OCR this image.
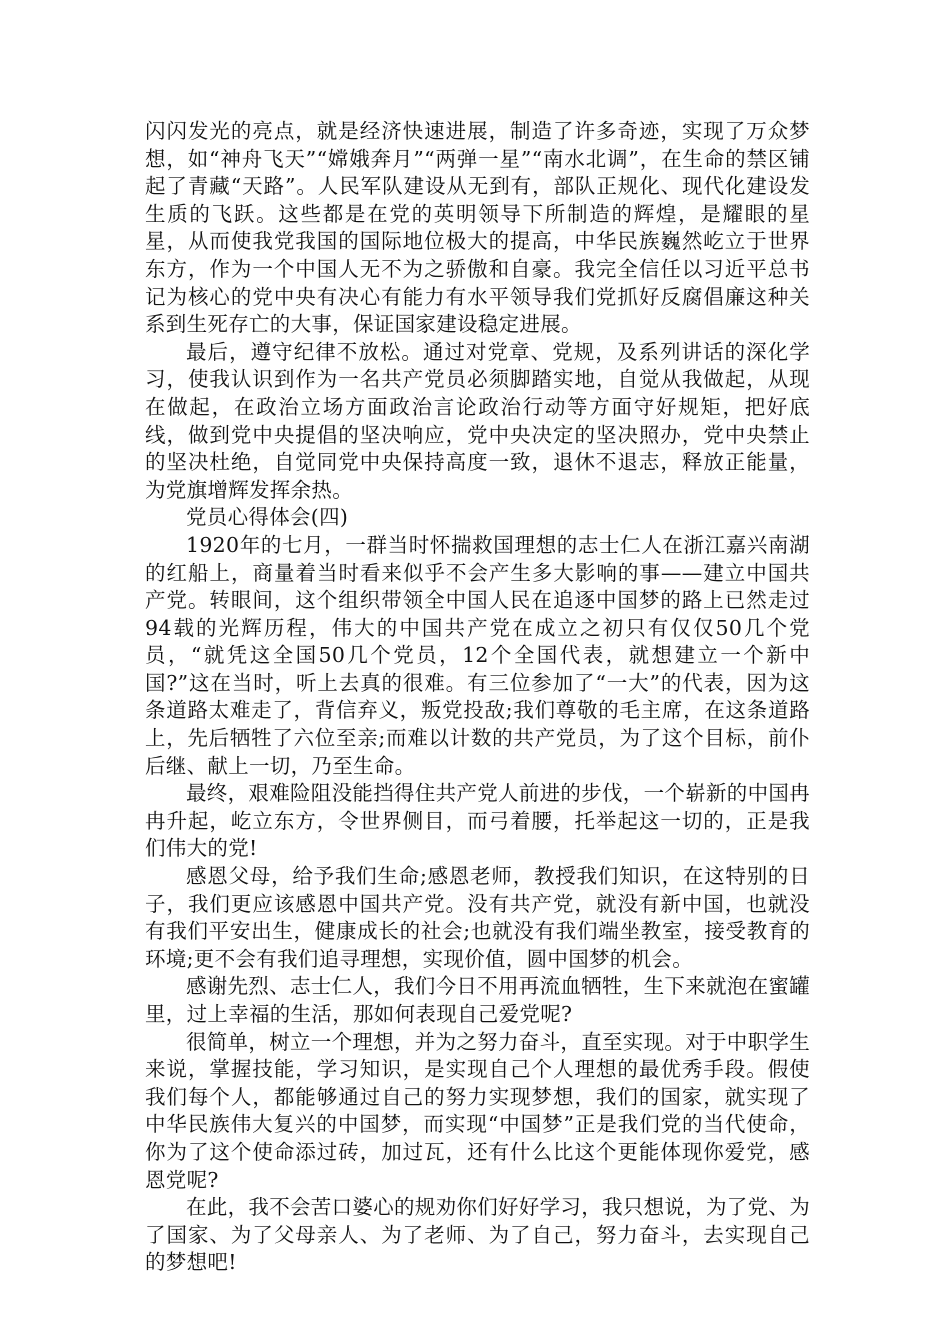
闪闪发光的亮点，就是经济快速进展，制造了许多奇迹，实现了万众梦想，如“神舟飞天”“嫦娥奔月”“两弹一星”“南水北调”，在生命的禁区铺起了青藏“天路”。人民军队建设从无到有，部队正规化、现代化建设发生质的飞跃。这些都是在党的英明领导下所制造的辉煌，是耀眼的星星，从而使我党我国的国际地位极大的提高，中华民族巍然屹立于世界东方，作为一个中国人无不为之骄傲和自豪。我完全信任以习近平总书记为核心的党中央有决心有能力有水平领导我们党抓好反腐倡廉这种关系到生死存亡的大事，保证国家建设稳定进展。

最后，遵守纪律不放松。通过对党章、党规，及系列讲话的深化学习，使我认识到作为一名共产党员必须脚踏实地，自觉从我做起，从现在做起，在政治立场方面政治言论政治行动等方面守好规矩，把好底线，做到党中央提倡的坚决响应，党中央决定的坚决照办，党中央禁止的坚决杜绝，自觉同党中央保持高度一致，退休不退志，释放正能量，为党旗增辉发挥余热。

党员心得体会(四)

1920年的七月，一群当时怀揣救国理想的志士仁人在浙江嘉兴南湖的红船上，商量着当时看来似乎不会产生多大影响的事——建立中国共产党。转眼间，这个组织带领全中国人民在追逐中国梦的路上已然走过94载的光辉历程，伟大的中国共产党在成立之初只有仅仅50几个党员，“就凭这全国50几个党员，12个全国代表，就想建立一个新中国?”这在当时，听上去真的很难。有三位参加了“一大”的代表，因为这条道路太难走了，背信弃义，叛党投敌;我们尊敬的毛主席，在这条道路上，先后牺牲了六位至亲;而难以计数的共产党员，为了这个目标，前仆后继、献上一切，乃至生命。

最终，艰难险阻没能挡得住共产党人前进的步伐，一个崭新的中国冉冉升起，屹立东方，令世界侧目，而弓着腰，托举起这一切的，正是我们伟大的党!

感恩父母，给予我们生命;感恩老师，教授我们知识，在这特别的日子，我们更应该感恩中国共产党。没有共产党，就没有新中国，也就没有我们平安出生，健康成长的社会;也就没有我们端坐教室，接受教育的环境;更不会有我们追寻理想，实现价值，圆中国梦的机会。

感谢先烈、志士仁人，我们今日不用再流血牺牲，生下来就泡在蜜罐里，过上幸福的生活，那如何表现自己爱党呢?

很简单，树立一个理想，并为之努力奋斗，直至实现。对于中职学生来说，掌握技能，学习知识，是实现自己个人理想的最优秀手段。假使我们每个人，都能够通过自己的努力实现梦想，我们的国家，就实现了中华民族伟大复兴的中国梦，而实现“中国梦”正是我们党的当代使命，你为了这个使命添过砖，加过瓦，还有什么比这个更能体现你爱党，感恩党呢?

在此，我不会苦口婆心的规劝你们好好学习，我只想说，为了党、为了国家、为了父母亲人、为了老师、为了自己，努力奋斗，去实现自己的梦想吧!
